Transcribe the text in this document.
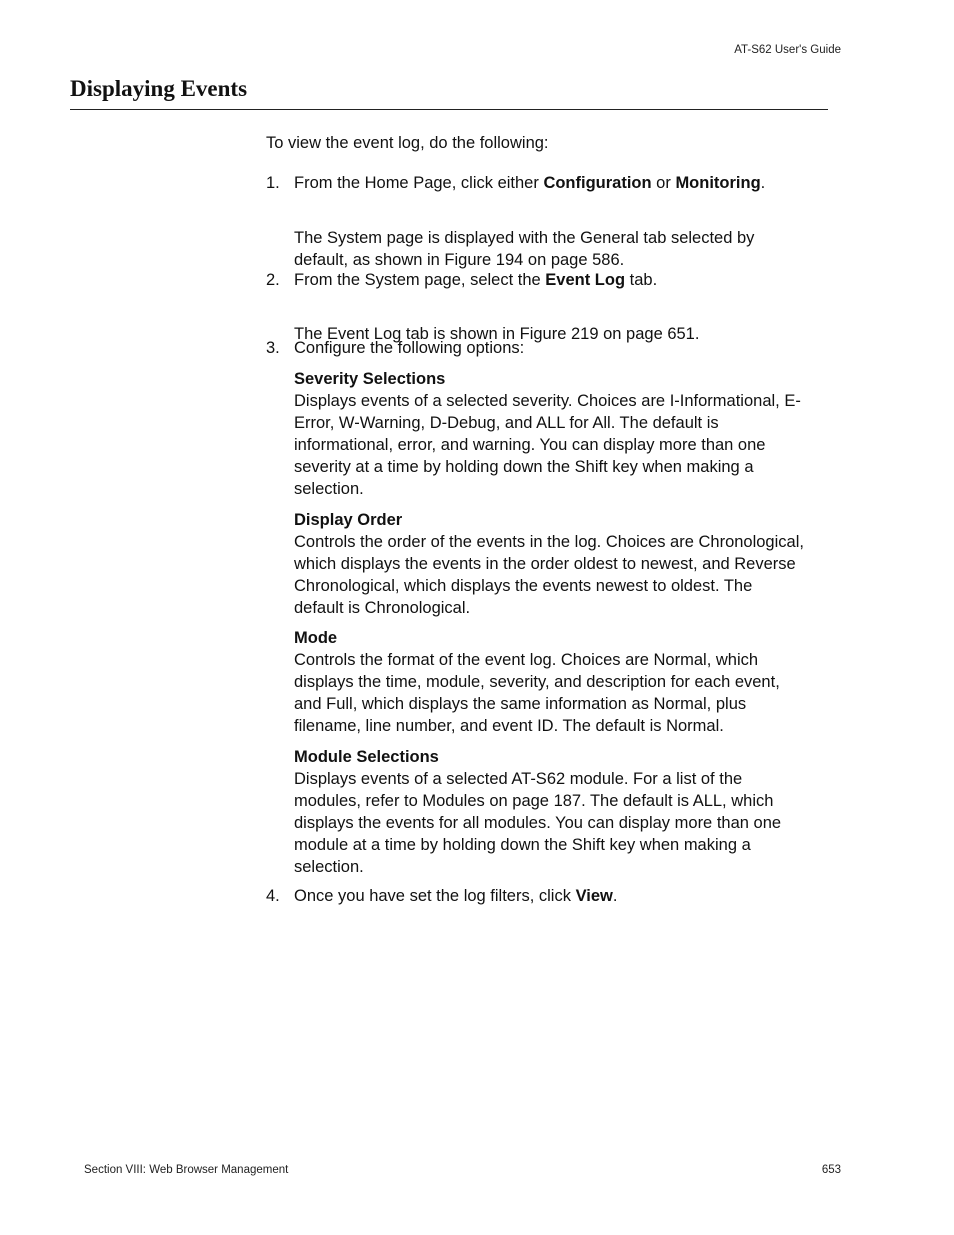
AT-S62 User's Guide
Displaying Events

To view the event log, do the following:

1. From the Home Page, click either Configuration or Monitoring.

The System page is displayed with the General tab selected by default, as shown in Figure 194 on page 586.

2. From the System page, select the Event Log tab.

The Event Log tab is shown in Figure 219 on page 651.

3. Configure the following options:
Severity Selections
Displays events of a selected severity. Choices are I-Informational, E-Error, W-Warning, D-Debug, and ALL for All. The default is informational, error, and warning. You can display more than one severity at a time by holding down the Shift key when making a selection.
Display Order
Controls the order of the events in the log. Choices are Chronological, which displays the events in the order oldest to newest, and Reverse Chronological, which displays the events newest to oldest. The default is Chronological.
Mode
Controls the format of the event log. Choices are Normal, which displays the time, module, severity, and description for each event, and Full, which displays the same information as Normal, plus filename, line number, and event ID. The default is Normal.
Module Selections
Displays events of a selected AT-S62 module. For a list of the modules, refer to Modules on page 187. The default is ALL, which displays the events for all modules. You can display more than one module at a time by holding down the Shift key when making a selection.
4. Once you have set the log filters, click View.
Section VIII: Web Browser Management	653
